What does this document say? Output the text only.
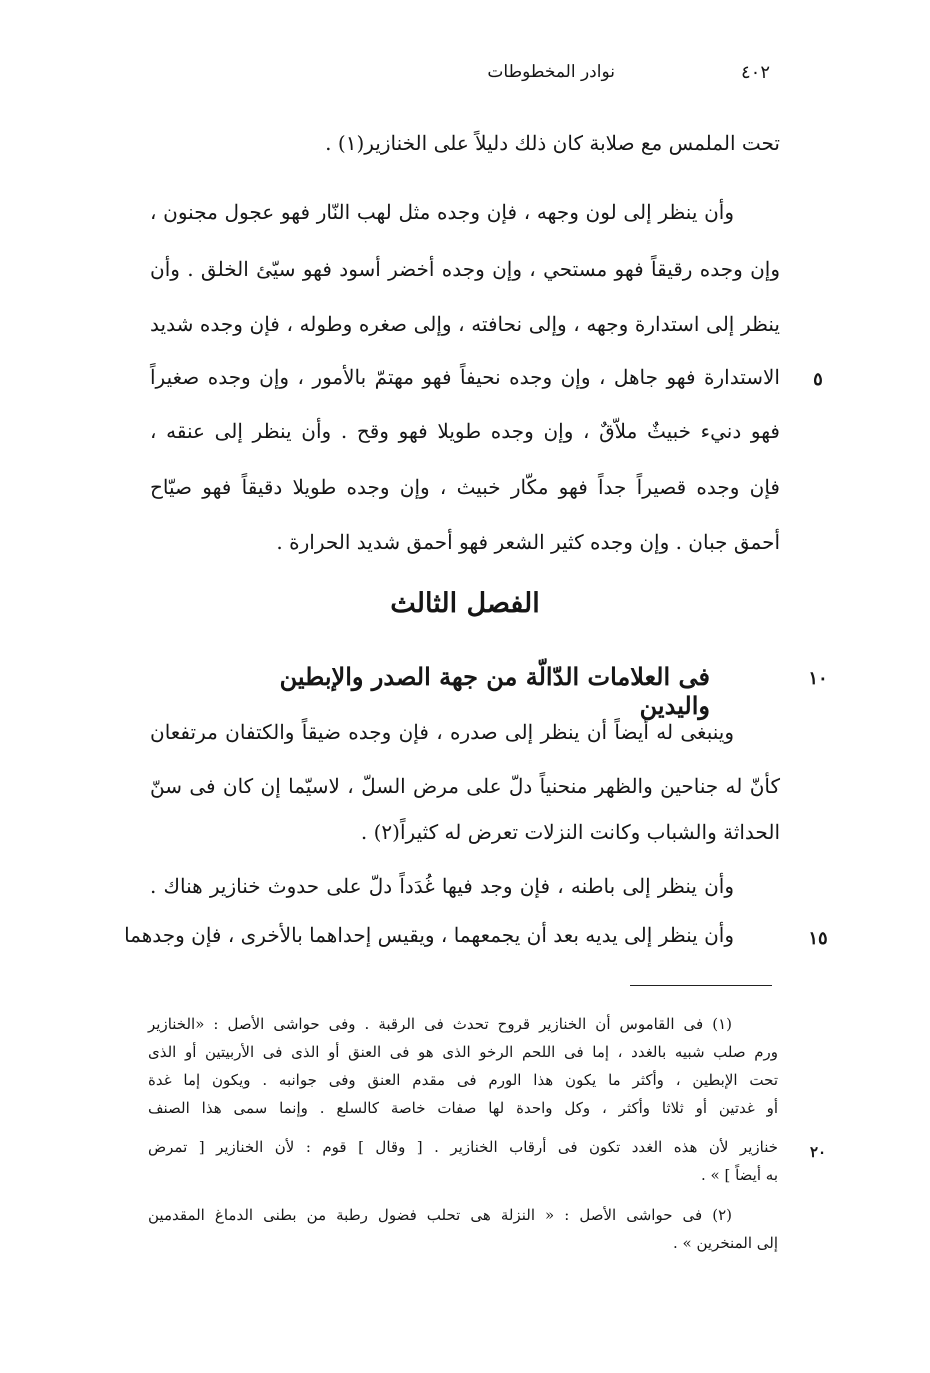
نوادر المخطوطات	٤٠٢
تحت الملمس مع صلابة كان ذلك دليلاً على الخنازير(١) .
وأن ينظر إلى لون وجهه ، فإن وجده مثل لهب النّار فهو عجول مجنون ،
وإن وجده رقيقاً فهو مستحي ، وإن وجده أخضر أسود فهو سيّئ الخلق . وأن
ينظر إلى استدارة وجهه ، وإلى نحافته ، وإلى صغره وطوله ، فإن وجده شديد
الاستدارة فهو جاهل ، وإن وجده نحيفاً فهو مهتمّ بالأمور ، وإن وجده صغيراً
فهو دنيء خبيثٌ ملاّقٌ ، وإن وجده طويلا فهو وقح . وأن ينظر إلى عنقه ،
فإن وجده قصيراً جداً فهو مكّار خبيث ، وإن وجده طويلا دقيقاً فهو صيّاح
أحمق جبان . وإن وجده كثير الشعر فهو أحمق شديد الحرارة .
٥
الفصل الثالث
فى العلامات الدّالّة من جهة الصدر والإبطين واليدين
١٠
وينبغى له أيضاً أن ينظر إلى صدره ، فإن وجده ضيقاً والكتفان مرتفعان
كأنّ له جناحين والظهر منحنياً دلّ على مرض السلّ ، لاسيّما إن كان فى سنّ
الحداثة والشباب وكانت النزلات تعرض له كثيراً(٢) .
وأن ينظر إلى باطنه ، فإن وجد فيها غُدَداً دلّ على حدوث خنازير هناك .
وأن ينظر إلى يديه بعد أن يجمعهما ، ويقيس إحداهما بالأخرى ، فإن وجدهما	١٥
(١) فى القاموس أن الخنازير قروح تحدث فى الرقبة . وفى حواشى الأصل : «الخنازير
ورم صلب شبيه بالغدد ، إما فى اللحم الرخو الذى هو فى العنق أو الذى فى الأربيتين أو الذى
تحت الإبطين ، وأكثر ما يكون هذا الورم فى مقدم العنق وفى جوانبه . ويكون إما غدة
أو غدتين أو ثلاثا وأكثر ، وكل واحدة لها صفات خاصة كالسلع . وإنما سمى هذا الصنف
خنازير لأن هذه الغدد تكون فى أرقاب الخنازير . [ وقال ] قوم : لأن الخنازير [ تمرض
به أيضاً ] » .
٢٠
(٢) فى حواشى الأصل : « النزلة هى تحلب فضول رطبة من بطنى الدماغ المقدمين
إلى المنخرين » .
